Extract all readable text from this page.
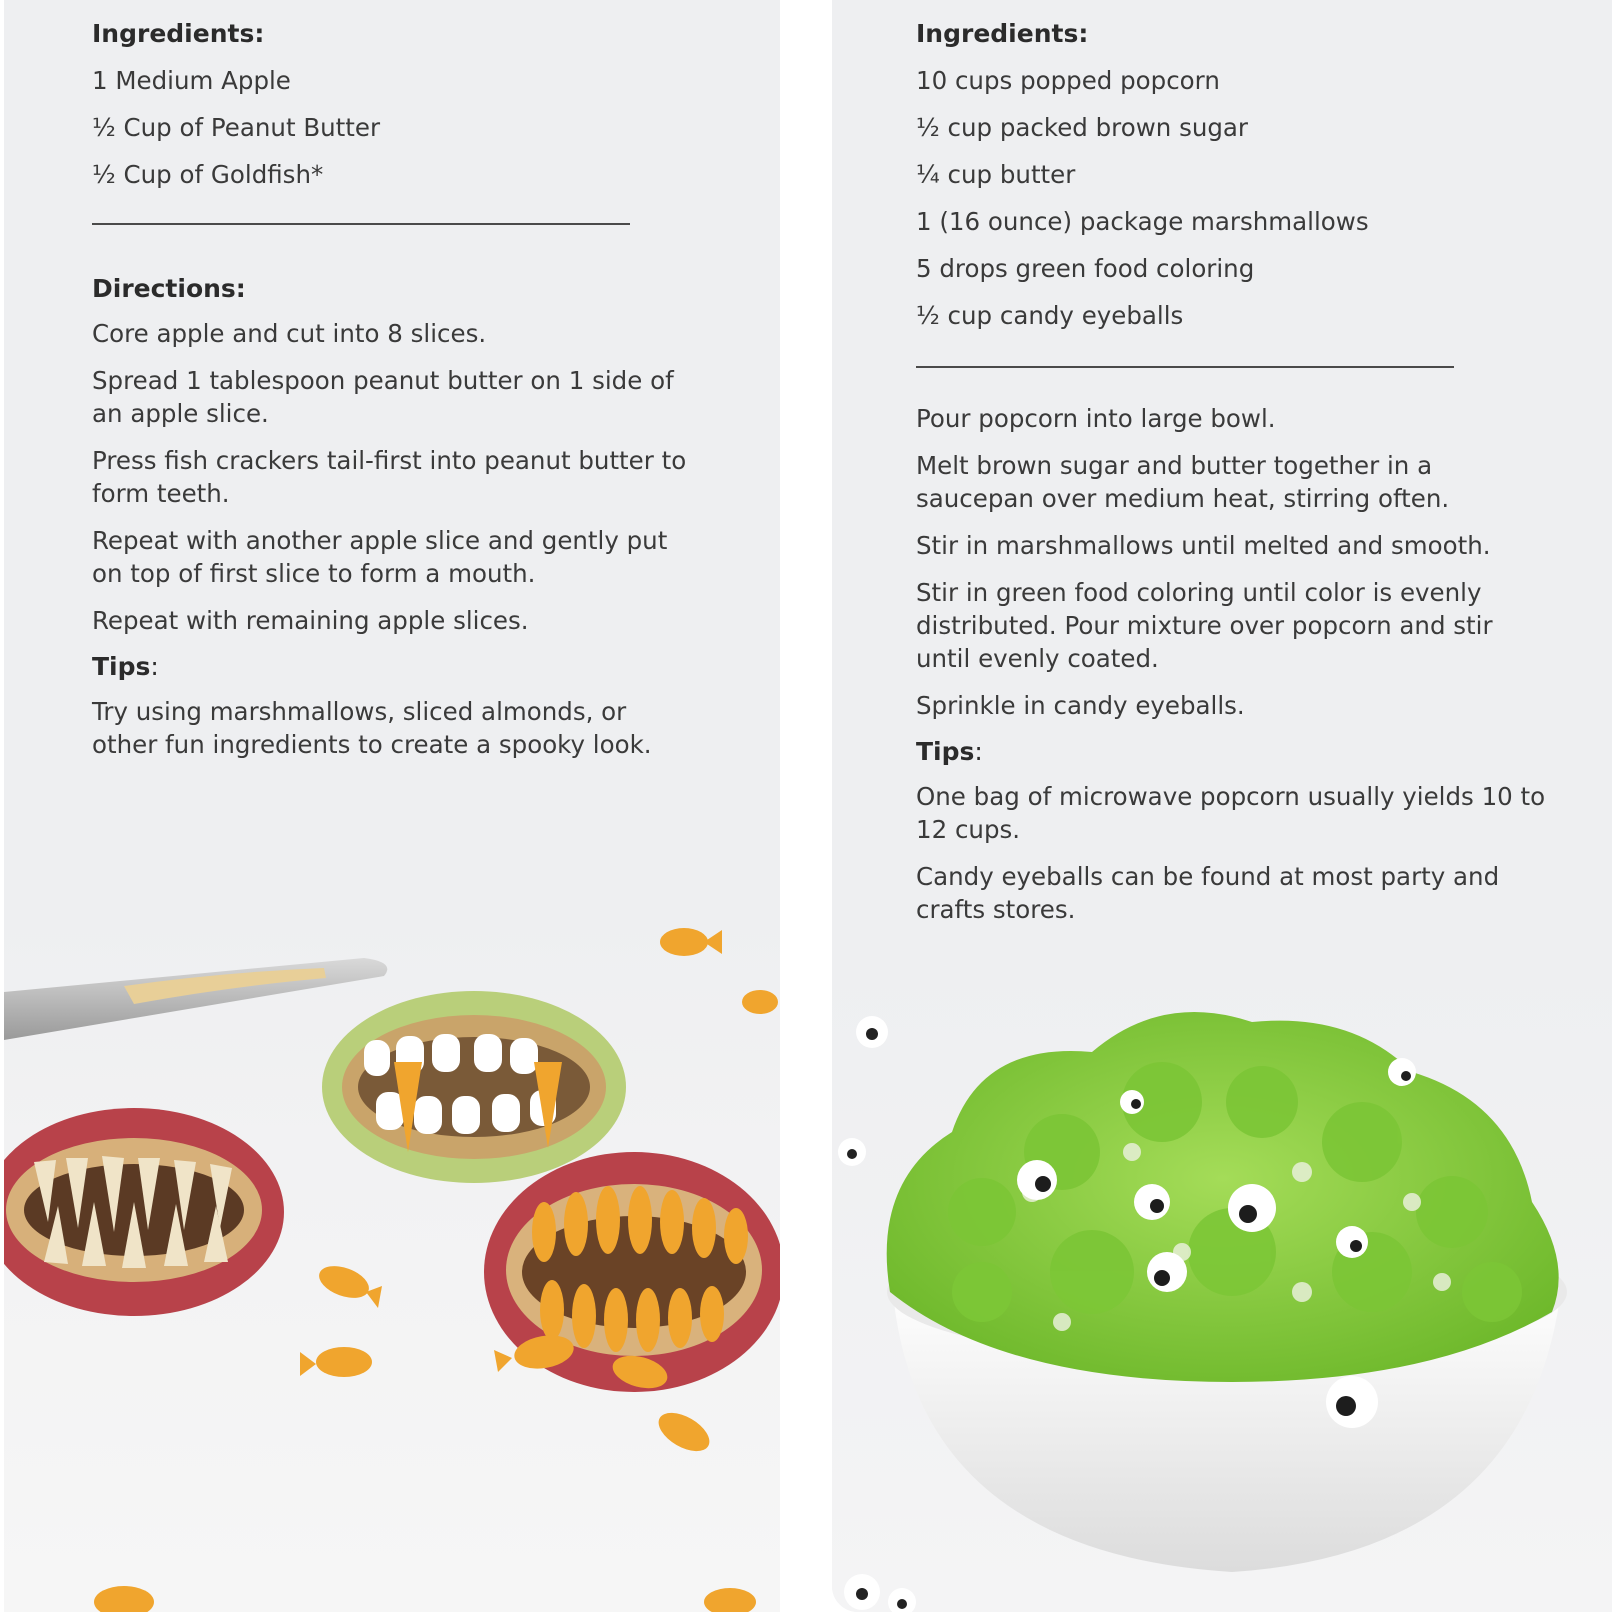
Ingredients:
1 Medium Apple
½ Cup of Peanut Butter
½ Cup of Goldfish*
Directions:
Core apple and cut into 8 slices.
Spread 1 tablespoon peanut butter on 1 side of an apple slice.
Press fish crackers tail-first into peanut butter to form teeth.
Repeat with another apple slice and gently put on top of first slice to form a mouth.
Repeat with remaining apple slices.
Tips:
Try using marshmallows, sliced almonds, or other fun ingredients to create a spooky look.
Ingredients:
10 cups popped popcorn
½ cup packed brown sugar
¼ cup butter
1 (16 ounce) package marshmallows
5 drops green food coloring
½ cup candy eyeballs
Pour popcorn into large bowl.
Melt brown sugar and butter together in a saucepan over medium heat, stirring often.
Stir in marshmallows until melted and smooth.
Stir in green food coloring until color is evenly distributed. Pour mixture over popcorn and stir until evenly coated.
Sprinkle in candy eyeballs.
Tips:
One bag of microwave popcorn usually yields 10 to 12 cups.
Candy eyeballs can be found at most party and crafts stores.
